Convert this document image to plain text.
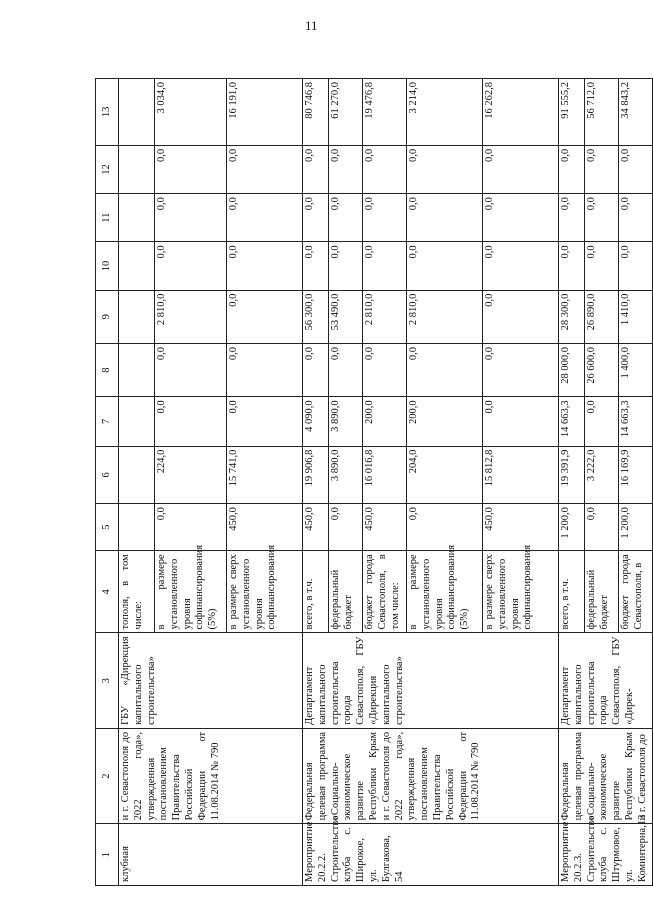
11
1	2	3	4	5	6	7	8	9	10	11	12	13
клубная	и г. Севастополя до 2022 года», утвержденная постановлением Правительства Российской Федерации от 11.08.2014 № 790	ГБУ «Дирекция капитального строительства»	тополя, в том числе:									
			в размере установленного уровня софинансирования (5%)	0,0	224,0	0,0	0,0	2 810,0	0,0	0,0	0,0	3 034,0
			в размере сверх установленного уровня софинансирования	450,0	15 741,0	0,0	0,0	0,0	0,0	0,0	0,0	16 191,0
Мероприятие 20.2.2. Строительство клуба с. Широкое, ул. Булгакова, 54	Федеральная целевая программа «Социально-экономическое развитие Республики Крым и г. Севастополя до 2022 года», утвержденная постановлением Правительства Российской Федерации от 11.08.2014 № 790	Департамент капитального строительства города Севастополя, ГБУ «Дирекция капитального строительства»	всего, в т.ч.	450,0	19 906,8	4 090,0	0,0	56 300,0	0,0	0,0	0,0	80 746,8
			федеральный бюджет	0,0	3 890,0	3 890,0	0,0	53 490,0	0,0	0,0	0,0	61 270,0
			бюджет города Севастополя, в том числе:	450,0	16 016,8	200,0	0,0	2 810,0	0,0	0,0	0,0	19 476,8
			в размере установленного уровня софинансирования (5%)	0,0	204,0	200,0	0,0	2 810,0	0,0	0,0	0,0	3 214,0
			в размере сверх установленного уровня софинансирования	450,0	15 812,8	0,0	0,0	0,0	0,0	0,0	0,0	16 262,8
Мероприятие 20.2.3. Строительство клуба с. Штурмовое, ул. Коминтерна,13	Федеральная целевая программа «Социально-экономическое развитие Республики Крым и г. Севастополя до	Департамент капитального строительства города Севастополя, ГБУ «Дирек-	всего, в т.ч.	1 200,0	19 391,9	14 663,3	28 000,0	28 300,0	0,0	0,0	0,0	91 555,2
			федеральный бюджет	0,0	3 222,0	0,0	26 600,0	26 890,0	0,0	0,0	0,0	56 712,0
			бюджет города Севастополя, в	1 200,0	16 169,9	14 663,3	1 400,0	1 410,0	0,0	0,0	0,0	34 843,2
